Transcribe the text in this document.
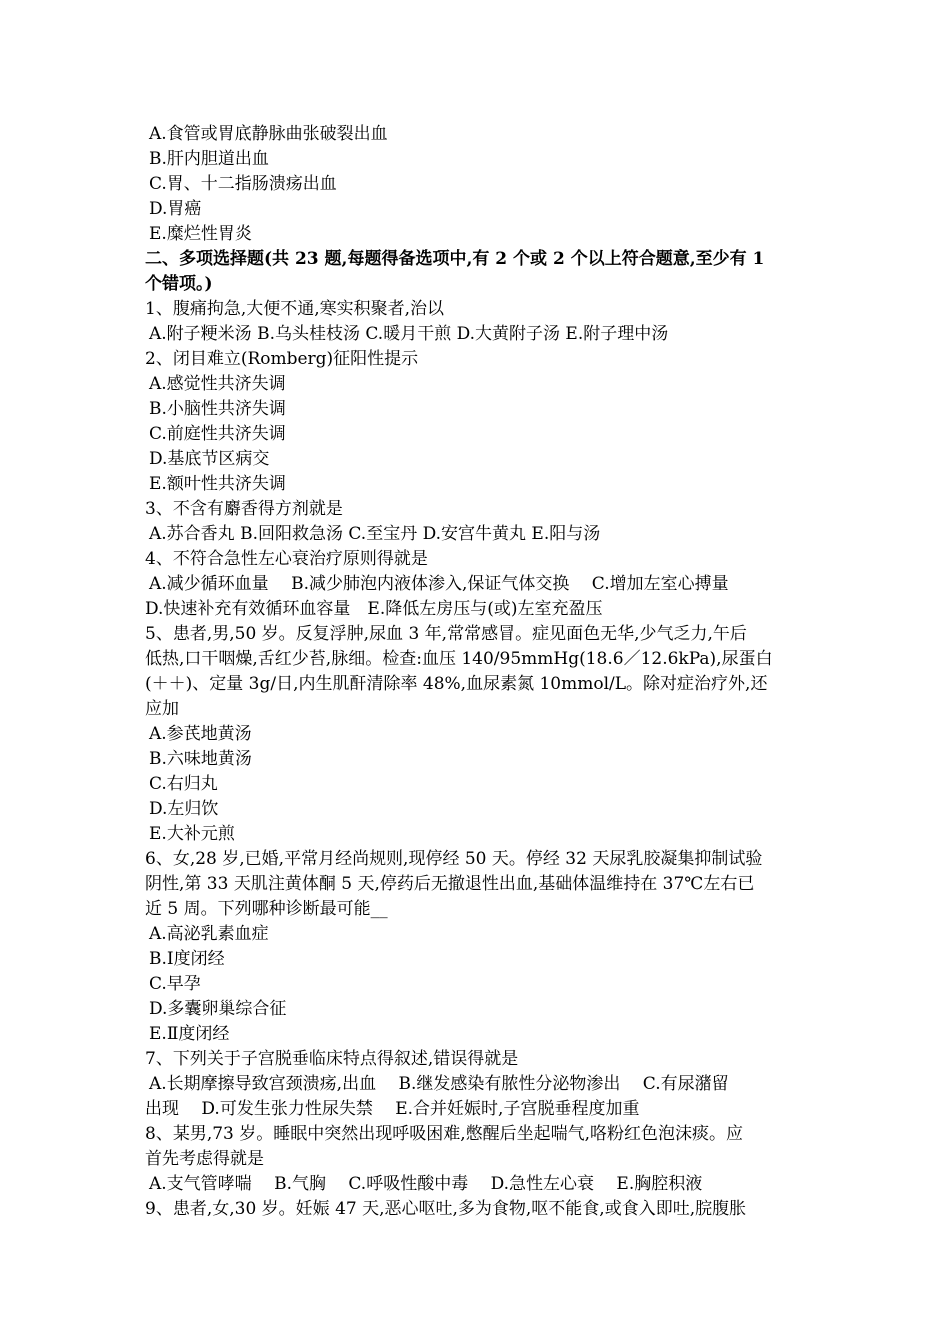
A.食管或胃底静脉曲张破裂出血
B.肝内胆道出血
C.胃、十二指肠溃疡出血
D.胃癌
E.糜烂性胃炎
二、多项选择题(共 23 题,每题得备选项中,有 2 个或 2 个以上符合题意,至少有 1
个错项。)
1、腹痛拘急,大便不通,寒实积聚者,治以
A.附子粳米汤 B.乌头桂枝汤 C.暖月干煎 D.大黄附子汤 E.附子理中汤
2、闭目难立(Romberg)征阳性提示
A.感觉性共济失调
B.小脑性共济失调
C.前庭性共济失调
D.基底节区病交
E.额叶性共济失调
3、不含有麝香得方剂就是
A.苏合香丸 B.回阳救急汤 C.至宝丹 D.安宫牛黄丸 E.阳与汤
4、不符合急性左心衰治疗原则得就是
A.减少循环血量　 B.减少肺泡内液体渗入,保证气体交换　 C.增加左室心搏量
D.快速补充有效循环血容量　E.降低左房压与(或)左室充盈压
5、患者,男,50 岁。反复浮肿,尿血 3 年,常常感冒。症见面色无华,少气乏力,午后
低热,口干咽燥,舌红少苔,脉细。检查:血压 140/95mmHg(18.6／12.6kPa),尿蛋白
(＋＋)、定量 3g/日,内生肌酐清除率 48%,血尿素氮 10mmol/L。除对症治疗外,还
应加
A.参芪地黄汤
B.六味地黄汤
C.右归丸
D.左归饮
E.大补元煎
6、女,28 岁,已婚,平常月经尚规则,现停经 50 天。停经 32 天尿乳胶凝集抑制试验
阴性,第 33 天肌注黄体酮 5 天,停药后无撤退性出血,基础体温维持在 37℃左右已
近 5 周。下列哪种诊断最可能__
A.高泌乳素血症
B.Ⅰ度闭经
C.早孕
D.多囊卵巢综合征
E.Ⅱ度闭经
7、下列关于子宫脱垂临床特点得叙述,错误得就是
A.长期摩擦导致宫颈溃疡,出血　 B.继发感染有脓性分泌物渗出　 C.有尿潴留
出现　 D.可发生张力性尿失禁　 E.合并妊娠时,子宫脱垂程度加重
8、某男,73 岁。睡眠中突然出现呼吸困难,憋醒后坐起喘气,咯粉红色泡沫痰。应
首先考虑得就是
A.支气管哮喘　 B.气胸　 C.呼吸性酸中毒　 D.急性左心衰　 E.胸腔积液
9、患者,女,30 岁。妊娠 47 天,恶心呕吐,多为食物,呕不能食,或食入即吐,脘腹胀
